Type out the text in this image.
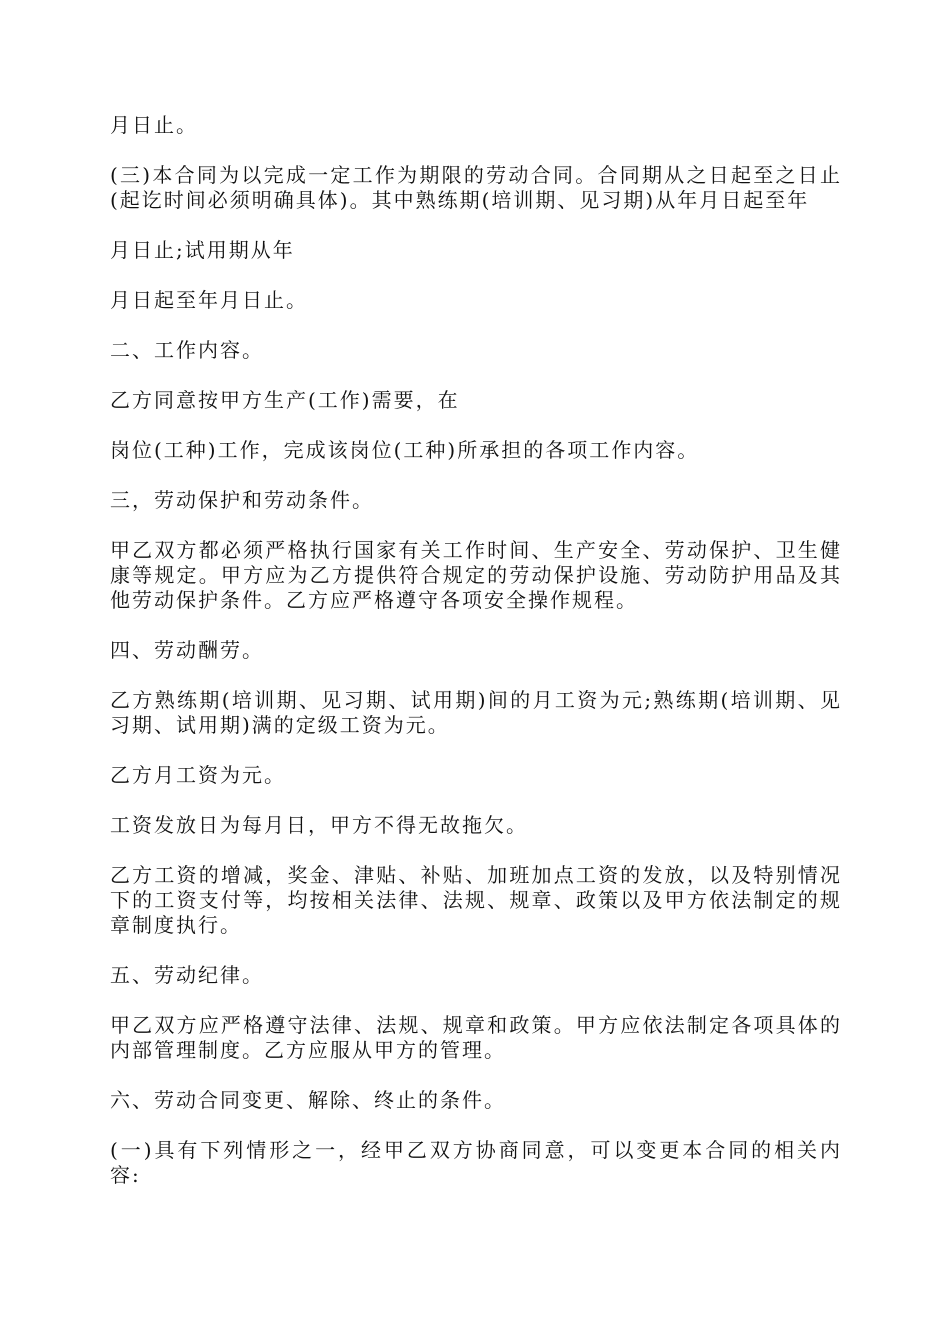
月日止。

(三)本合同为以完成一定工作为期限的劳动合同。合同期从之日起至之日止(起讫时间必须明确具体)。其中熟练期(培训期、见习期)从年月日起至年

月日止;试用期从年

月日起至年月日止。

二、工作内容。

乙方同意按甲方生产(工作)需要，在

岗位(工种)工作，完成该岗位(工种)所承担的各项工作内容。

三，劳动保护和劳动条件。

甲乙双方都必须严格执行国家有关工作时间、生产安全、劳动保护、卫生健康等规定。甲方应为乙方提供符合规定的劳动保护设施、劳动防护用品及其他劳动保护条件。乙方应严格遵守各项安全操作规程。

四、劳动酬劳。

乙方熟练期(培训期、见习期、试用期)间的月工资为元;熟练期(培训期、见习期、试用期)满的定级工资为元。

乙方月工资为元。

工资发放日为每月日，甲方不得无故拖欠。

乙方工资的增减，奖金、津贴、补贴、加班加点工资的发放，以及特别情况下的工资支付等，均按相关法律、法规、规章、政策以及甲方依法制定的规章制度执行。

五、劳动纪律。

甲乙双方应严格遵守法律、法规、规章和政策。甲方应依法制定各项具体的内部管理制度。乙方应服从甲方的管理。

六、劳动合同变更、解除、终止的条件。

(一)具有下列情形之一，经甲乙双方协商同意，可以变更本合同的相关内容:
